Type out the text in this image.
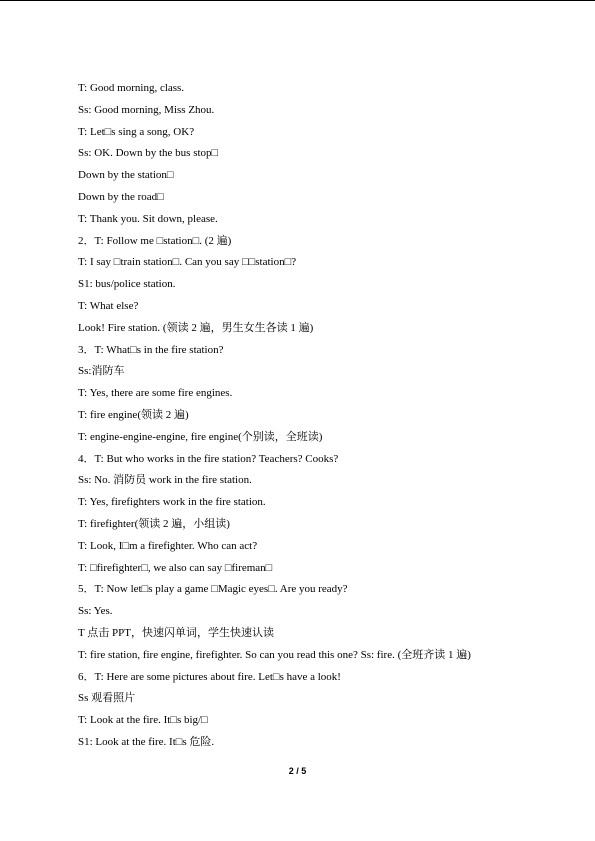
T: Good morning, class.
Ss: Good morning, Miss Zhou.
T: Let□s sing a song, OK?
Ss: OK. Down by the bus stop□
Down by the station□
Down by the road□
T: Thank you. Sit down, please.
2．T: Follow me □station□. (2 遍)
T: I say □train station□. Can you say □□station□?
S1: bus/police station.
T: What else?
Look! Fire station. (领读 2 遍，男生女生各读 1 遍)
3．T: What□s in the fire station?
Ss:消防车
T: Yes, there are some fire engines.
T: fire engine(领读 2 遍)
T: engine-engine-engine, fire engine(个别读，全班读)
4．T: But who works in the fire station? Teachers? Cooks?
Ss: No. 消防员 work in the fire station.
T: Yes, firefighters work in the fire station.
T: firefighter(领读 2 遍，小组读)
T: Look, I□m a firefighter. Who can act?
T: □firefighter□, we also can say □fireman□
5．T: Now let□s play a game □Magic eyes□. Are you ready?
Ss: Yes.
T 点击 PPT，快速闪单词，学生快速认读
T: fire station, fire engine, firefighter. So can you read this one? Ss: fire. (全班齐读 1 遍)
6．T: Here are some pictures about fire. Let□s have a look!
Ss 观看照片
T: Look at the fire. It□s big/□
S1: Look at the fire. It□s 危险.
2 / 5
